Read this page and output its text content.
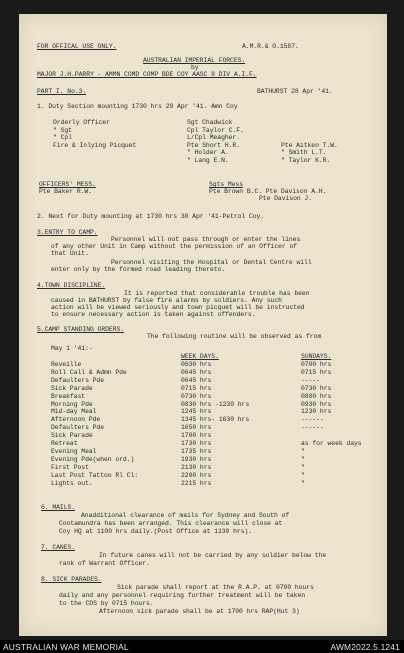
FOR OFFICAL USE ONLY.	A.M.R.& O.1587.
AUSTRALIAN IMPERIAL FORCES.
by
MAJOR J.H.PARRY - AMMN COMD COMP BDE COY AASC 8 DIV A.I.F.
PART I. No.3.	BATHURST 28 Apr '41.
1. Duty Section mounting 1730 hrs 29 Apr '41. Amn Coy
Orderly Officer	Sgt Chadwick
" Sgt	Cpl Taylor C.F.
" Cpl	L/Cpl Meagher.
Fire & Inlying Picquet	Pte Short H.R.	Pte Aitken T.W.
" Holder A.	" Smith L.T.
" Lang E.N.	" Taylor K.R.
OFFICERS' MESS.
Pte Baker R.W.
Sgts Mess
Pte Brown B.C. Pte Davison A.H.
Pte Davison J.
2. Next for Duty mounting at 1730 hrs 30 Apr '41-Petrol Coy.
3.ENTRY TO CAMP.
Personnel will not pass through or enter the lines
of any other Unit in Camp without the permission of an Officer of
that Unit.
Personnel visiting the Hospital or Dental Centre will
enter only by the formed road leading thereto.
4.TOWN DISCIPLINE.
It is reported that considerable trouble has been
caused in BATHURST by false fire alarms by soldiers. Any such
action will be viewed seriously and town picquet will be instructed
to ensure necessary action is taken against offenders.
5.CAMP STANDING ORDERS.
The following routine will be observed as from
May 1 '41:-
WEEK DAYS.	SUNDAYS.
Reveille	0630 hrs	0700 hrs
Roll Call & Admn Pde	0645 hrs	0715 hrs
Defaulters Pde	0645 hrs	-----
Sick Parade	0715 hrs	0730 hrs
Breakfast	0730 hrs	0800 hrs
Morning Pde	0830 hrs -1230 hrs	0930 hrs
Mid-day Meal	1245 hrs	1230 hrs
Afternoon Pde	1345 hrs- 1630 hrs	------
Defaulters Pde	1650 hrs	------
Sick Parade	1700 hrs
Retreat	1730 hrs	as for week days
Evening Meal	1735 hrs	"
Evening Pde(when ord.)	1930 hrs	"
First Post	2130 hrs	"
Last Post Tattoo Rl Cl:	2200 hrs	"
Lights out.	2215 hrs	"
6. MAILS.
Anadditional clearance of mails for Sydney and South of
Cootamundra has been arranged. This clearance will close at
Coy HQ at 1100 hrs daily.(Post Office at 1130 hrs).
7. CANES.
In future canes will not be carried by any soldier below the
rank of Warrant Officer.
8. SICK PARADES.
Sick parade shall report at the R.A.P. at 0700 hours
daily and any personnel requiring further treatment will be taken
to the CDS by 0715 hours.
Afternoon sick parade shall be at 1700 hrs RAP(Hut 3)
AUSTRALIAN WAR MEMORIAL	AWM2022.5.1241
